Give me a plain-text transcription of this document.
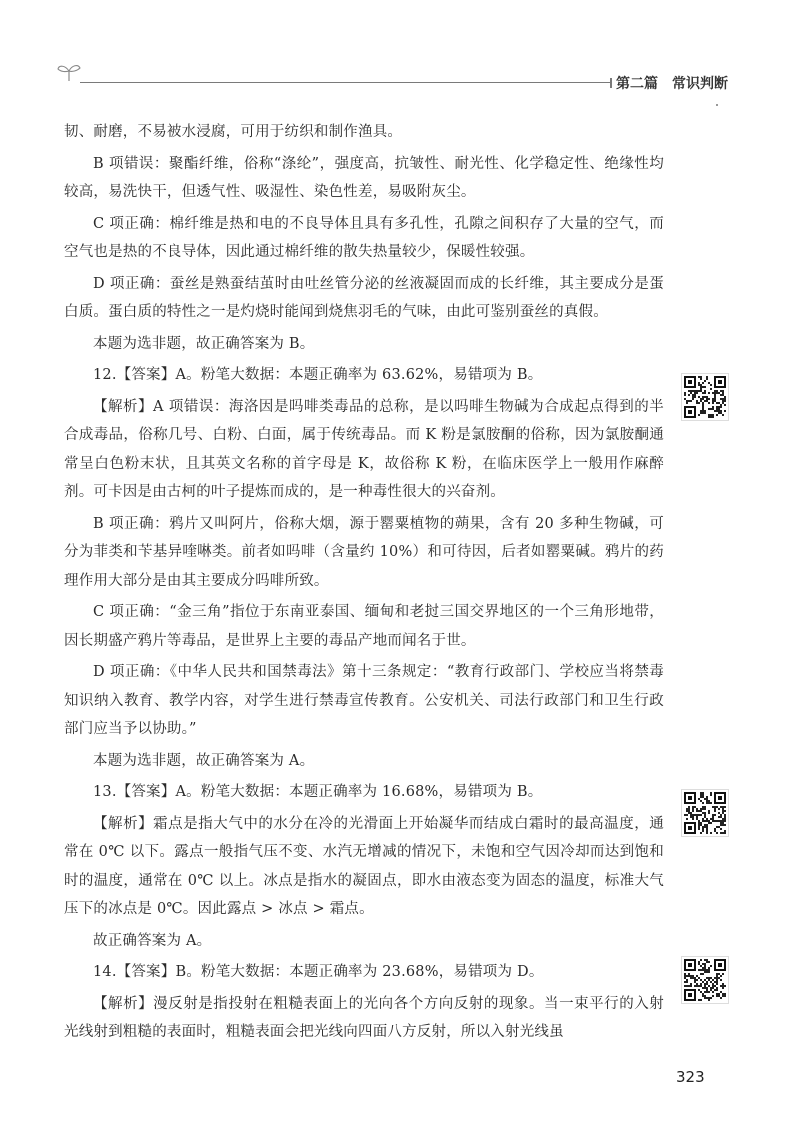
第二篇　常识判断

韧、耐磨，不易被水浸腐，可用于纺织和制作渔具。

B 项错误：聚酯纤维，俗称“涤纶”，强度高，抗皱性、耐光性、化学稳定性、绝缘性均较高，易洗快干，但透气性、吸湿性、染色性差，易吸附灰尘。

C 项正确：棉纤维是热和电的不良导体且具有多孔性，孔隙之间积存了大量的空气，而空气也是热的不良导体，因此通过棉纤维的散失热量较少，保暖性较强。

D 项正确：蚕丝是熟蚕结茧时由吐丝管分泌的丝液凝固而成的长纤维，其主要成分是蛋白质。蛋白质的特性之一是灼烧时能闻到烧焦羽毛的气味，由此可鉴别蚕丝的真假。

本题为选非题，故正确答案为 B。

12.【答案】A。粉笔大数据：本题正确率为 63.62%，易错项为 B。

【解析】A 项错误：海洛因是吗啡类毒品的总称，是以吗啡生物碱为合成起点得到的半合成毒品，俗称几号、白粉、白面，属于传统毒品。而 K 粉是氯胺酮的俗称，因为氯胺酮通常呈白色粉末状，且其英文名称的首字母是 K，故俗称 K 粉，在临床医学上一般用作麻醉剂。可卡因是由古柯的叶子提炼而成的，是一种毒性很大的兴奋剂。

B 项正确：鸦片又叫阿片，俗称大烟，源于罂粟植物的蒴果，含有 20 多种生物碱，可分为菲类和苄基异喹啉类。前者如吗啡（含量约 10%）和可待因，后者如罂粟碱。鸦片的药理作用大部分是由其主要成分吗啡所致。

C 项正确：“金三角”指位于东南亚泰国、缅甸和老挝三国交界地区的一个三角形地带，因长期盛产鸦片等毒品，是世界上主要的毒品产地而闻名于世。

D 项正确：《中华人民共和国禁毒法》第十三条规定：“教育行政部门、学校应当将禁毒知识纳入教育、教学内容，对学生进行禁毒宣传教育。公安机关、司法行政部门和卫生行政部门应当予以协助。”

本题为选非题，故正确答案为 A。

13.【答案】A。粉笔大数据：本题正确率为 16.68%，易错项为 B。

【解析】霜点是指大气中的水分在冷的光滑面上开始凝华而结成白霜时的最高温度，通常在 0℃ 以下。露点一般指气压不变、水汽无增减的情况下，未饱和空气因冷却而达到饱和时的温度，通常在 0℃ 以上。冰点是指水的凝固点，即水由液态变为固态的温度，标准大气压下的冰点是 0℃。因此露点 > 冰点 > 霜点。

故正确答案为 A。

14.【答案】B。粉笔大数据：本题正确率为 23.68%，易错项为 D。

【解析】漫反射是指投射在粗糙表面上的光向各个方向反射的现象。当一束平行的入射光线射到粗糙的表面时，粗糙表面会把光线向四面八方反射，所以入射光线虽

323
